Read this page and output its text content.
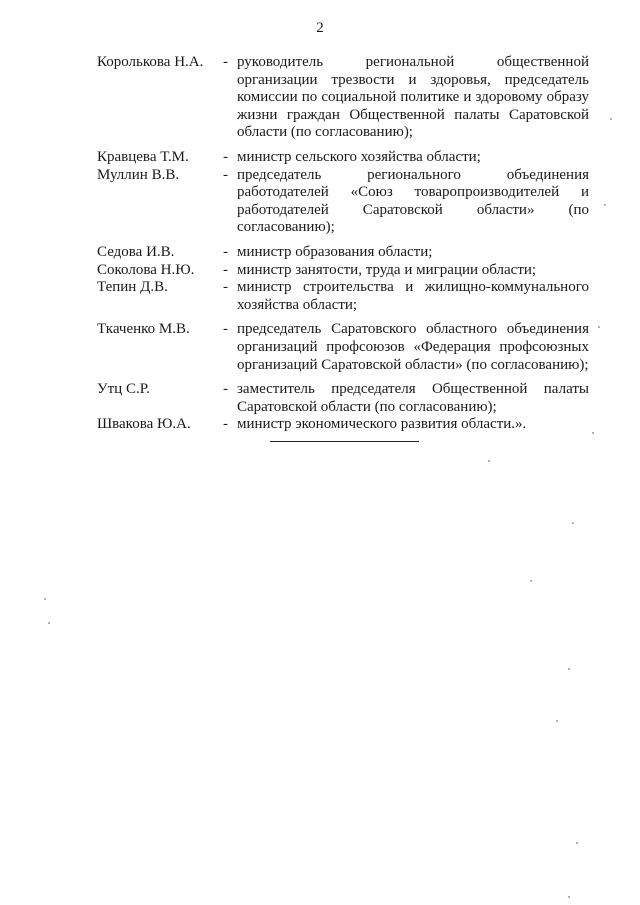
2
Королькова Н.А.	- руководитель региональной общественной организации трезвости и здоровья, председатель комиссии по социальной политике и здоровому образу жизни граждан Общественной палаты Саратовской области (по согласованию);
Кравцева Т.М.	- министр сельского хозяйства области;
Муллин В.В.	- председатель регионального объединения работодателей «Союз товаропроизводителей и работодателей Саратовской области» (по согласованию);
Седова И.В.	- министр образования области;
Соколова Н.Ю.	- министр занятости, труда и миграции области;
Тепин Д.В.	- министр строительства и жилищно-коммунального хозяйства области;
Ткаченко М.В.	- председатель Саратовского областного объединения организаций профсоюзов «Федерация профсоюзных организаций Саратовской области» (по согласованию);
Утц С.Р.	- заместитель председателя Общественной палаты Саратовской области (по согласованию);
Швакова Ю.А.	- министр экономического развития области.».
